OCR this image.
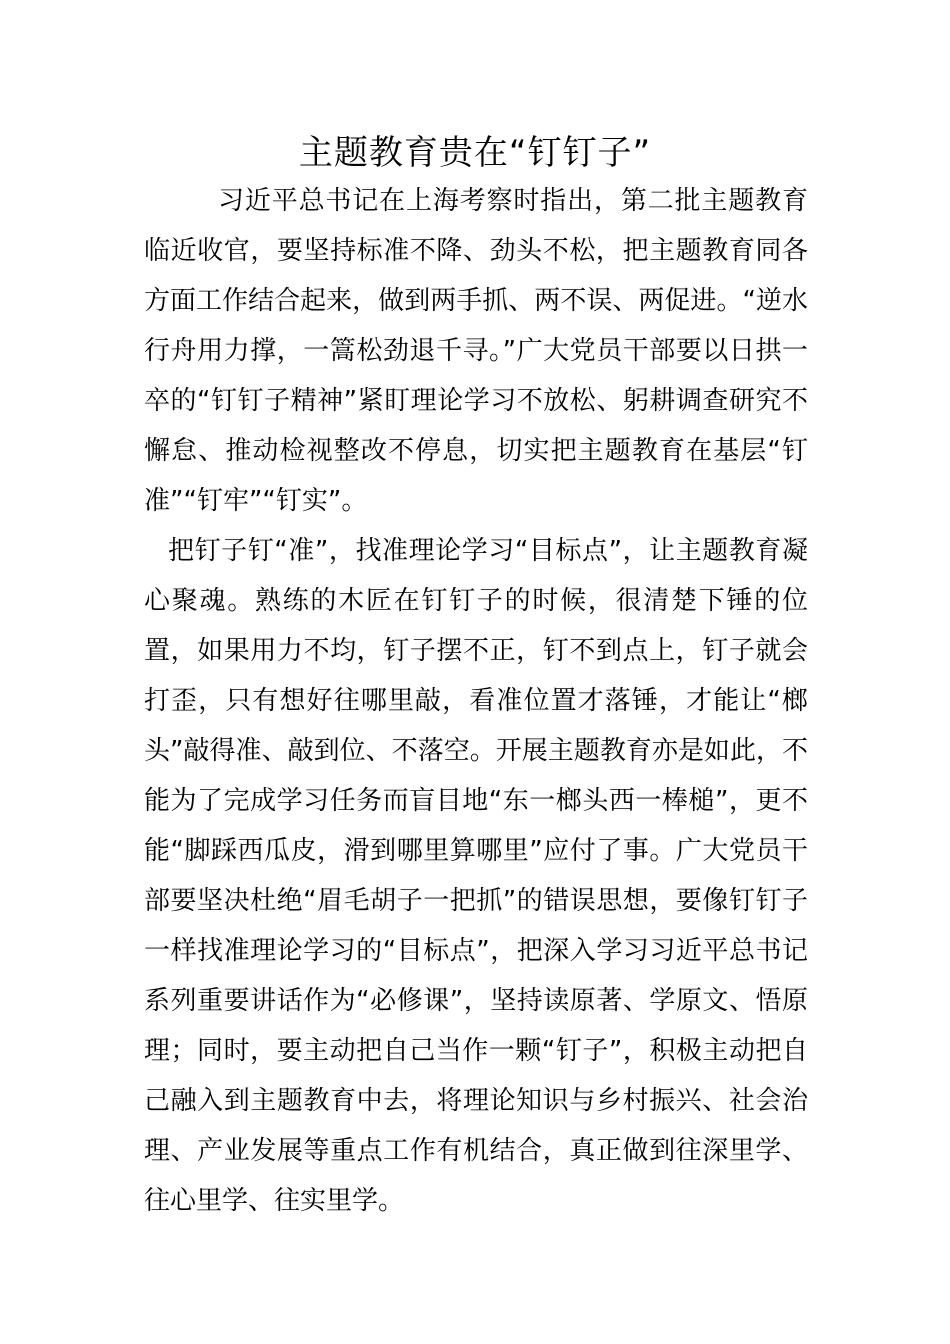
主题教育贵在“钉钉子”

习近平总书记在上海考察时指出，第二批主题教育临近收官，要坚持标准不降、劲头不松，把主题教育同各方面工作结合起来，做到两手抓、两不误、两促进。“逆水行舟用力撑，一篙松劲退千寻。”广大党员干部要以日拱一卒的“钉钉子精神”紧盯理论学习不放松、躬耕调查研究不懈怠、推动检视整改不停息，切实把主题教育在基层“钉准”“钉牢”“钉实”。

把钉子钉“准”，找准理论学习“目标点”，让主题教育凝心聚魂。熟练的木匠在钉钉子的时候，很清楚下锤的位置，如果用力不均，钉子摆不正，钉不到点上，钉子就会打歪，只有想好往哪里敲，看准位置才落锤，才能让“榔头”敲得准、敲到位、不落空。开展主题教育亦是如此，不能为了完成学习任务而盲目地“东一榔头西一棒槌”，更不能“脚踩西瓜皮，滑到哪里算哪里”应付了事。广大党员干部要坚决杜绝“眉毛胡子一把抓”的错误思想，要像钉钉子一样找准理论学习的“目标点”，把深入学习习近平总书记系列重要讲话作为“必修课”，坚持读原著、学原文、悟原理；同时，要主动把自己当作一颗“钉子”，积极主动把自己融入到主题教育中去，将理论知识与乡村振兴、社会治理、产业发展等重点工作有机结合，真正做到往深里学、往心里学、往实里学。
